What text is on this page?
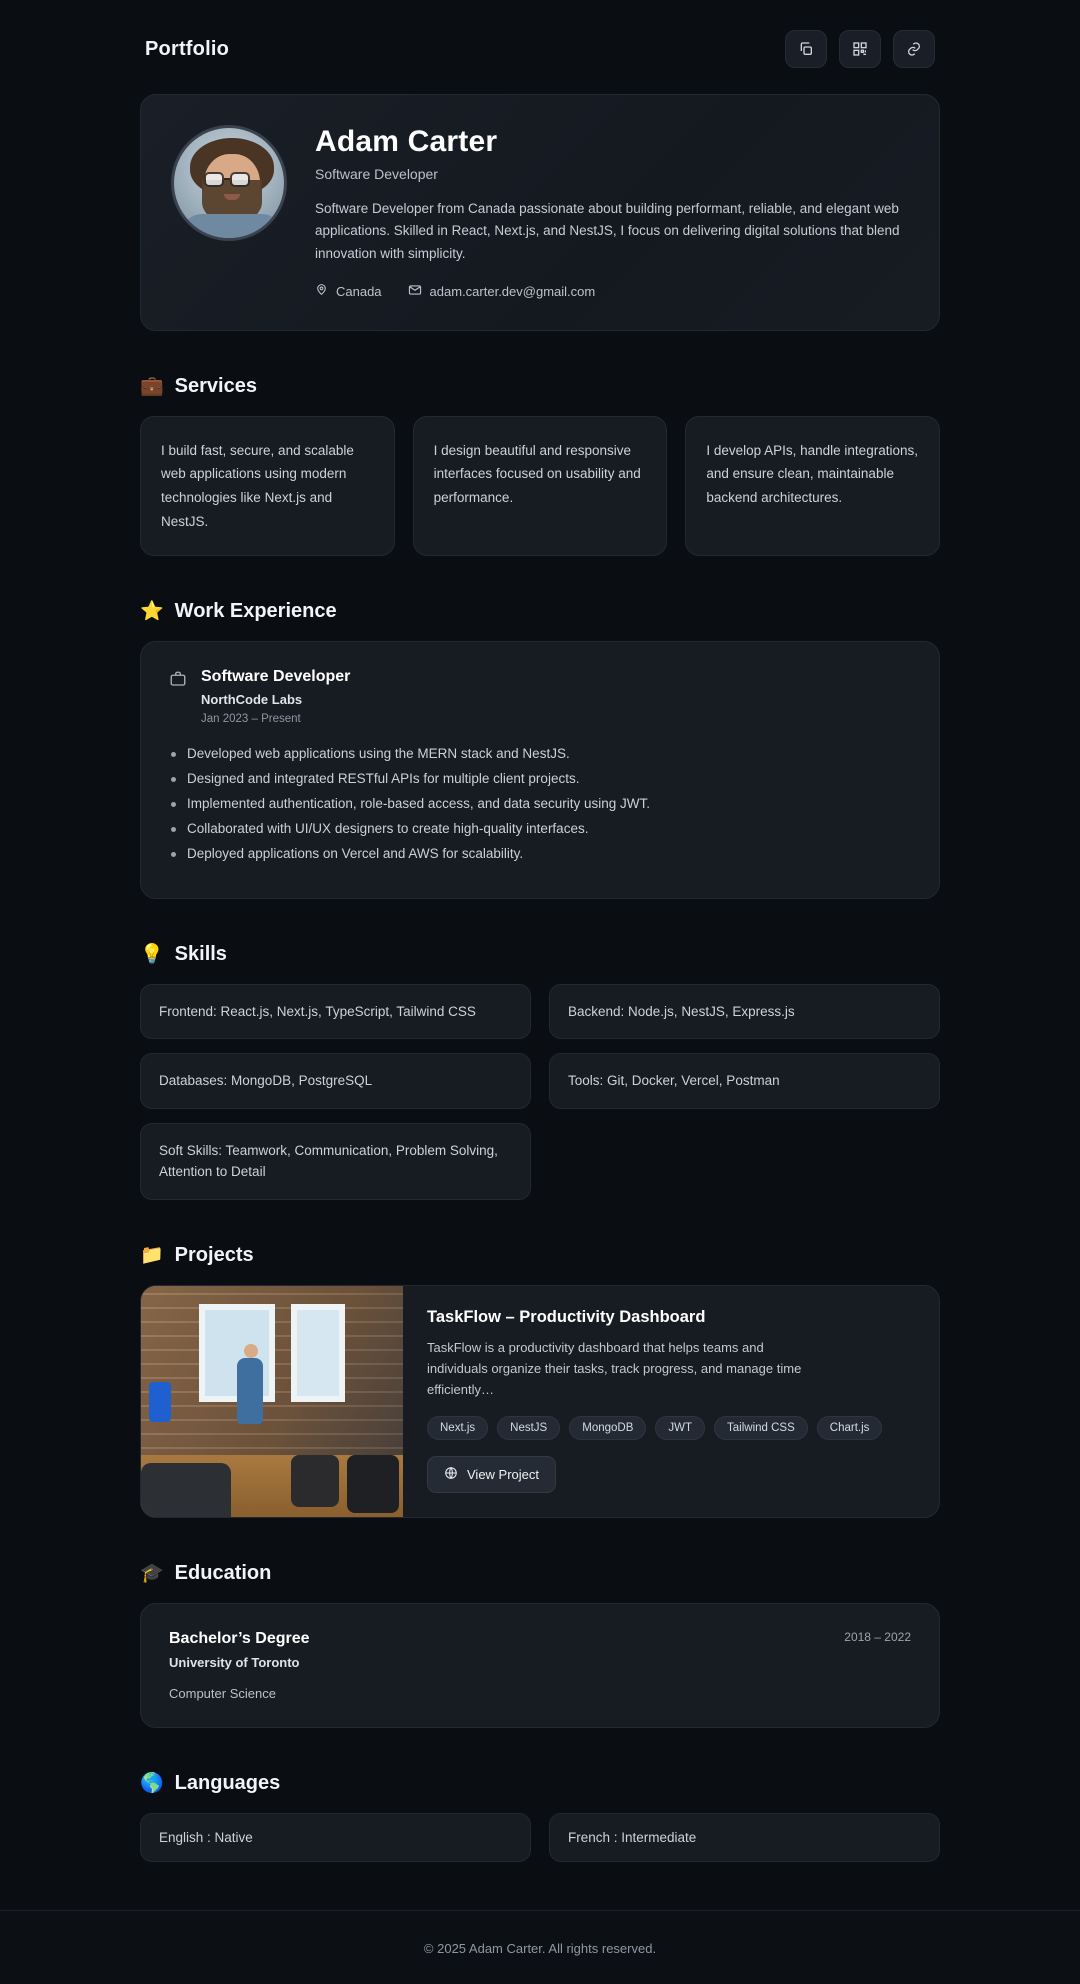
Portfolio
Adam Carter
Software Developer
Software Developer from Canada passionate about building performant, reliable, and elegant web applications. Skilled in React, Next.js, and NestJS, I focus on delivering digital solutions that blend innovation with simplicity.
Canada	adam.carter.dev@gmail.com
💼 Services
I build fast, secure, and scalable web applications using modern technologies like Next.js and NestJS.
I design beautiful and responsive interfaces focused on usability and performance.
I develop APIs, handle integrations, and ensure clean, maintainable backend architectures.
⭐ Work Experience
Software Developer
NorthCode Labs
Jan 2023 – Present
Developed web applications using the MERN stack and NestJS.
Designed and integrated RESTful APIs for multiple client projects.
Implemented authentication, role-based access, and data security using JWT.
Collaborated with UI/UX designers to create high-quality interfaces.
Deployed applications on Vercel and AWS for scalability.
💡 Skills
Frontend: React.js, Next.js, TypeScript, Tailwind CSS	Backend: Node.js, NestJS, Express.js
Databases: MongoDB, PostgreSQL	Tools: Git, Docker, Vercel, Postman
Soft Skills: Teamwork, Communication, Problem Solving, Attention to Detail
📁 Projects
TaskFlow – Productivity Dashboard
TaskFlow is a productivity dashboard that helps teams and individuals organize their tasks, track progress, and manage time efficiently…
Next.js	NestJS	MongoDB	JWT	Tailwind CSS	Chart.js
View Project
🎓 Education
Bachelor’s Degree
University of Toronto
Computer Science
2018 – 2022
🌎 Languages
English : Native	French : Intermediate
© 2025 Adam Carter. All rights reserved.
